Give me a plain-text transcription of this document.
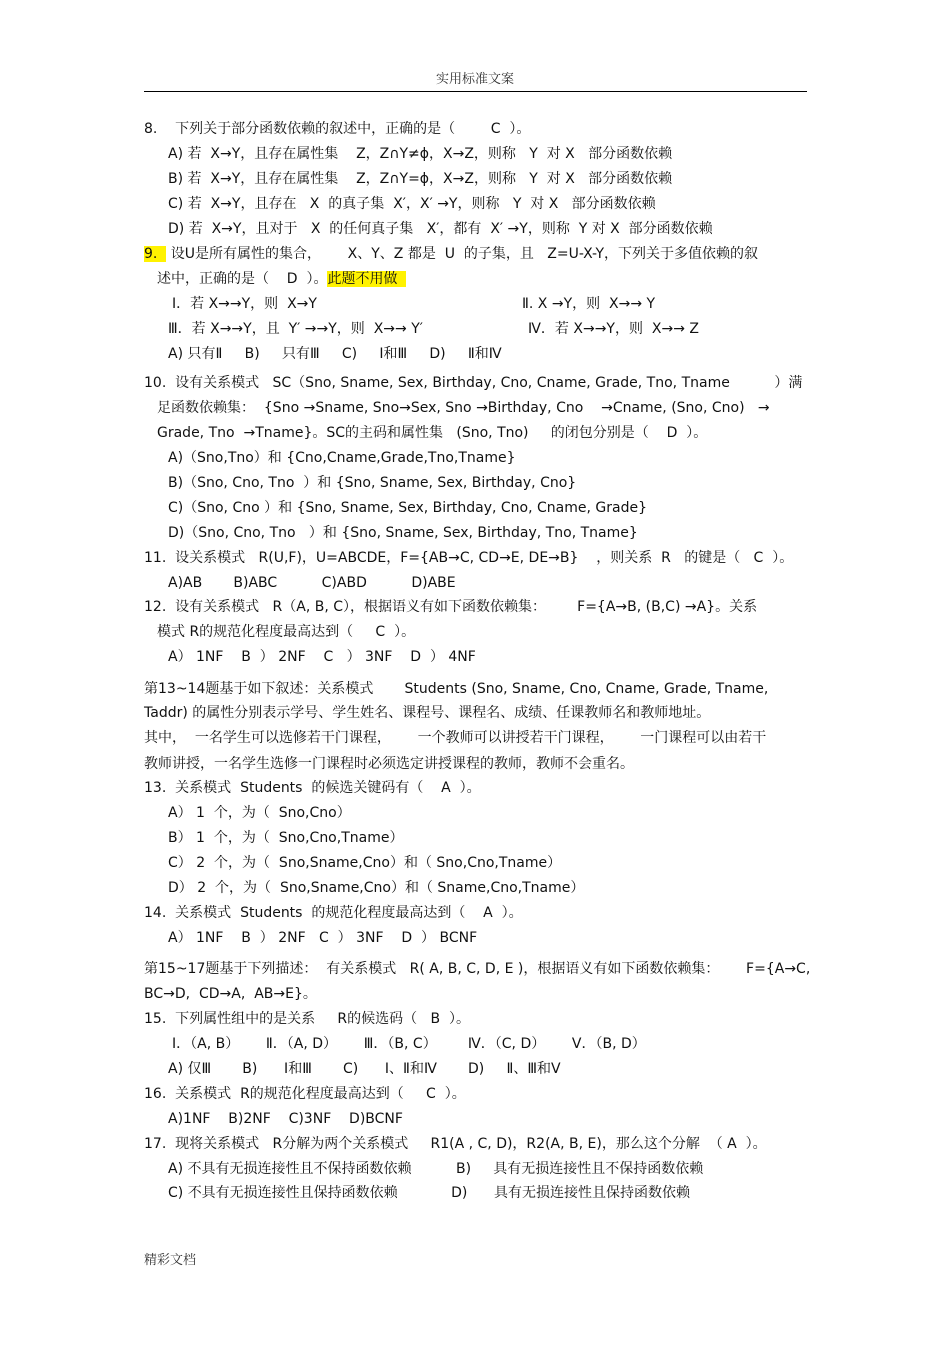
实用标准文案
8.    下列关于部分函数依赖的叙述中，正确的是（        C  ）。
A) 若  X→Y，且存在属性集    Z，Z∩Y≠ϕ，X→Z，则称   Y  对 X   部分函数依赖
B) 若  X→Y，且存在属性集    Z，Z∩Y=ϕ，X→Z，则称   Y  对 X   部分函数依赖
C) 若  X→Y，且存在   X  的真子集  X′，X′ →Y，则称   Y  对 X   部分函数依赖
D) 若  X→Y，且对于   X  的任何真子集   X′，都有  X′ →Y，则称  Y 对 X  部分函数依赖
9.   设U是所有属性的集合，      X、Y、Z 都是  U  的子集，且   Z=U-X-Y，下列关于多值依赖的叙
述中，正确的是（    D  ）。此题不用做
Ⅰ．若 X→→Y，则  X→Y	Ⅱ. X →Y，则  X→→ Y
Ⅲ．若 X→→Y，且  Y′ →→Y，则  X→→ Y′	Ⅳ．若 X→→Y，则  X→→ Z
A) 只有Ⅱ     B)     只有Ⅲ     C)     Ⅰ和Ⅲ     D)     Ⅱ和Ⅳ
10.  设有关系模式   SC（Sno, Sname, Sex, Birthday, Cno, Cname, Grade, Tno, Tname          ）满
足函数依赖集：  {Sno →Sname, Sno→Sex, Sno →Birthday, Cno    →Cname, (Sno, Cno)   →
Grade, Tno  →Tname}。SC的主码和属性集   (Sno, Tno)     的闭包分别是（    D  ）。
A)（Sno,Tno）和 {Cno,Cname,Grade,Tno,Tname}
B)（Sno, Cno, Tno  ）和 {Sno, Sname, Sex, Birthday, Cno}
C)（Sno, Cno ）和 {Sno, Sname, Sex, Birthday, Cno, Cname, Grade}
D)（Sno, Cno, Tno   ）和 {Sno, Sname, Sex, Birthday, Tno, Tname}
11.  设关系模式   R(U,F)，U=ABCDE，F={AB→C, CD→E, DE→B}    ，则关系  R   的键是（   C  ）。
A)AB       B)ABC          C)ABD          D)ABE
12.  设有关系模式   R（A, B, C），根据语义有如下函数依赖集：       F={A→B, (B,C) →A}。关系
模式 R的规范化程度最高达到（     C  ）。
A） 1NF    B  ） 2NF    C   ） 3NF    D  ） 4NF
第13~14题基于如下叙述：关系模式       Students (Sno, Sname, Cno, Cname, Grade, Tname,
Taddr) 的属性分别表示学号、学生姓名、课程号、课程名、成绩、任课教师名和教师地址。
其中，  一名学生可以选修若干门课程，      一个教师可以讲授若干门课程，      一门课程可以由若干
教师讲授，一名学生选修一门课程时必须选定讲授课程的教师，教师不会重名。
13.  关系模式  Students  的候选关键码有（    A  ）。
A） 1  个，为（  Sno,Cno）
B） 1  个，为（  Sno,Cno,Tname）
C） 2  个，为（  Sno,Sname,Cno）和（ Sno,Cno,Tname）
D） 2  个，为（  Sno,Sname,Cno）和（ Sname,Cno,Tname）
14.  关系模式  Students  的规范化程度最高达到（    A  ）。
A） 1NF    B  ） 2NF   C  ） 3NF    D  ） BCNF
第15~17题基于下列描述：  有关系模式   R( A, B, C, D, E )，根据语义有如下函数依赖集：      F={A→C,
BC→D,  CD→A,  AB→E}。
15.  下列属性组中的是关系     R的候选码（   B  ）。
Ⅰ．（A, B）      Ⅱ．（A, D）      Ⅲ．（B, C）       Ⅳ．（C, D）      Ⅴ．（B, D）
A) 仅Ⅲ       B)      Ⅰ和Ⅲ       C)      Ⅰ、Ⅱ和Ⅳ       D)     Ⅱ、Ⅲ和Ⅴ
16.  关系模式  R的规范化程度最高达到（     C  ）。
A)1NF    B)2NF    C)3NF    D)BCNF
17.  现将关系模式   R分解为两个关系模式     R1(A , C, D)，R2(A, B, E)，那么这个分解  （ A  ）。
A) 不具有无损连接性且不保持函数依赖          B)     具有无损连接性且不保持函数依赖
C) 不具有无损连接性且保持函数依赖            D)      具有无损连接性且保持函数依赖
精彩文档
